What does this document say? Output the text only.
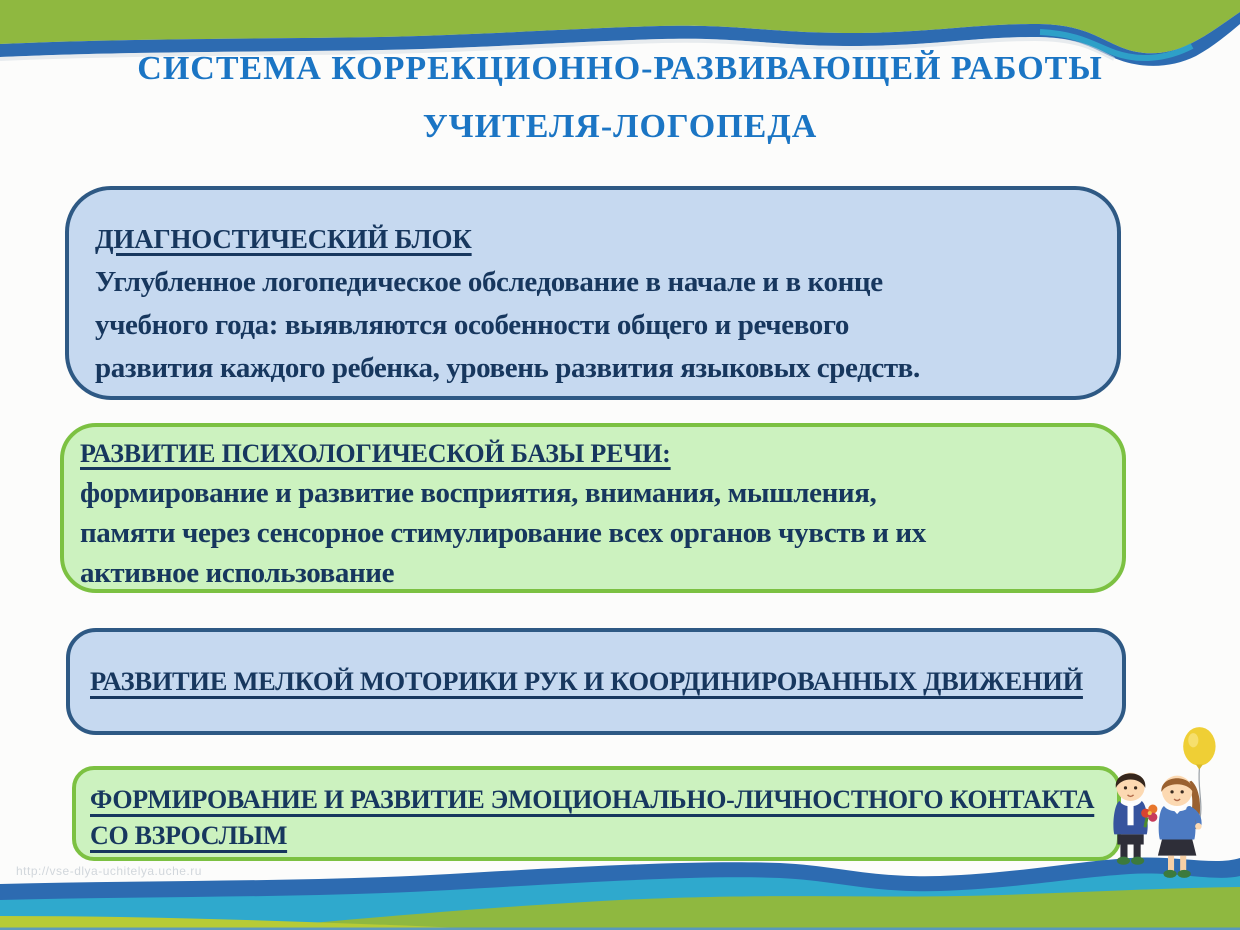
СИСТЕМА КОРРЕКЦИОННО-РАЗВИВАЮЩЕЙ РАБОТЫ
УЧИТЕЛЯ-ЛОГОПЕДА
ДИАГНОСТИЧЕСКИЙ БЛОК
Углубленное логопедическое обследование в начале и в конце
учебного года: выявляются особенности общего и речевого
развития каждого ребенка, уровень развития языковых средств.
РАЗВИТИЕ ПСИХОЛОГИЧЕСКОЙ БАЗЫ РЕЧИ:
формирование и развитие восприятия, внимания, мышления,
памяти через сенсорное стимулирование всех органов чувств и их
активное использование
РАЗВИТИЕ МЕЛКОЙ МОТОРИКИ РУК И КООРДИНИРОВАННЫХ ДВИЖЕНИЙ
ФОРМИРОВАНИЕ И РАЗВИТИЕ ЭМОЦИОНАЛЬНО-ЛИЧНОСТНОГО КОНТАКТА
СО ВЗРОСЛЫМ
http://vse-dlya-uchitelya.uche.ru
